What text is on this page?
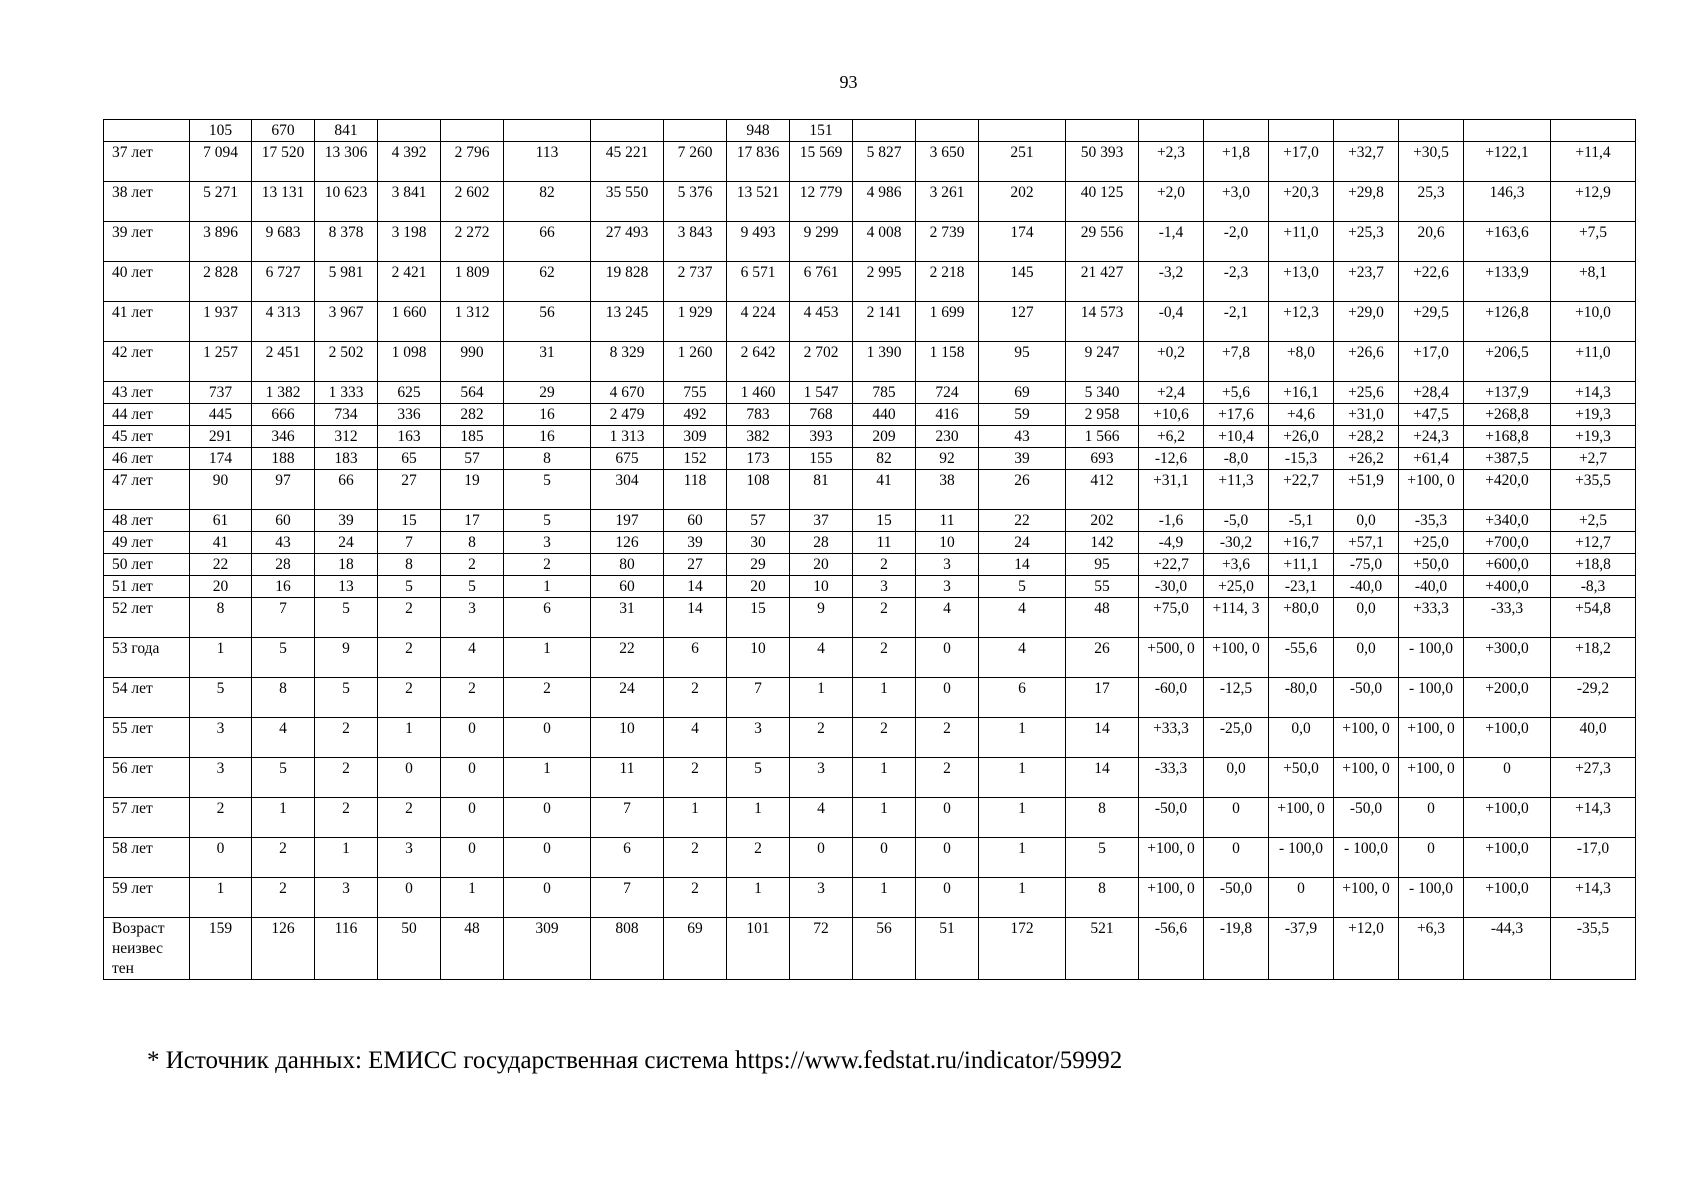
93
	105	670	841						948	151											
37 лет	7 094	17 520	13 306	4 392	2 796	113	45 221	7 260	17 836	15 569	5 827	3 650	251	50 393	+2,3	+1,8	+17,0	+32,7	+30,5	+122,1	+11,4
38 лет	5 271	13 131	10 623	3 841	2 602	82	35 550	5 376	13 521	12 779	4 986	3 261	202	40 125	+2,0	+3,0	+20,3	+29,8	25,3	146,3	+12,9
39 лет	3 896	9 683	8 378	3 198	2 272	66	27 493	3 843	9 493	9 299	4 008	2 739	174	29 556	-1,4	-2,0	+11,0	+25,3	20,6	+163,6	+7,5
40 лет	2 828	6 727	5 981	2 421	1 809	62	19 828	2 737	6 571	6 761	2 995	2 218	145	21 427	-3,2	-2,3	+13,0	+23,7	+22,6	+133,9	+8,1
41 лет	1 937	4 313	3 967	1 660	1 312	56	13 245	1 929	4 224	4 453	2 141	1 699	127	14 573	-0,4	-2,1	+12,3	+29,0	+29,5	+126,8	+10,0
42 лет	1 257	2 451	2 502	1 098	990	31	8 329	1 260	2 642	2 702	1 390	1 158	95	9 247	+0,2	+7,8	+8,0	+26,6	+17,0	+206,5	+11,0
43 лет	737	1 382	1 333	625	564	29	4 670	755	1 460	1 547	785	724	69	5 340	+2,4	+5,6	+16,1	+25,6	+28,4	+137,9	+14,3
44 лет	445	666	734	336	282	16	2 479	492	783	768	440	416	59	2 958	+10,6	+17,6	+4,6	+31,0	+47,5	+268,8	+19,3
45 лет	291	346	312	163	185	16	1 313	309	382	393	209	230	43	1 566	+6,2	+10,4	+26,0	+28,2	+24,3	+168,8	+19,3
46 лет	174	188	183	65	57	8	675	152	173	155	82	92	39	693	-12,6	-8,0	-15,3	+26,2	+61,4	+387,5	+2,7
47 лет	90	97	66	27	19	5	304	118	108	81	41	38	26	412	+31,1	+11,3	+22,7	+51,9	+100, 0	+420,0	+35,5
48 лет	61	60	39	15	17	5	197	60	57	37	15	11	22	202	-1,6	-5,0	-5,1	0,0	-35,3	+340,0	+2,5
49 лет	41	43	24	7	8	3	126	39	30	28	11	10	24	142	-4,9	-30,2	+16,7	+57,1	+25,0	+700,0	+12,7
50 лет	22	28	18	8	2	2	80	27	29	20	2	3	14	95	+22,7	+3,6	+11,1	-75,0	+50,0	+600,0	+18,8
51 лет	20	16	13	5	5	1	60	14	20	10	3	3	5	55	-30,0	+25,0	-23,1	-40,0	-40,0	+400,0	-8,3
52 лет	8	7	5	2	3	6	31	14	15	9	2	4	4	48	+75,0	+114, 3	+80,0	0,0	+33,3	-33,3	+54,8
53 года	1	5	9	2	4	1	22	6	10	4	2	0	4	26	+500, 0	+100, 0	-55,6	0,0	- 100,0	+300,0	+18,2
54 лет	5	8	5	2	2	2	24	2	7	1	1	0	6	17	-60,0	-12,5	-80,0	-50,0	- 100,0	+200,0	-29,2
55 лет	3	4	2	1	0	0	10	4	3	2	2	2	1	14	+33,3	-25,0	0,0	+100, 0	+100, 0	+100,0	40,0
56 лет	3	5	2	0	0	1	11	2	5	3	1	2	1	14	-33,3	0,0	+50,0	+100, 0	+100, 0	0	+27,3
57 лет	2	1	2	2	0	0	7	1	1	4	1	0	1	8	-50,0	0	+100, 0	-50,0	0	+100,0	+14,3
58 лет	0	2	1	3	0	0	6	2	2	0	0	0	1	5	+100, 0	0	- 100,0	- 100,0	0	+100,0	-17,0
59 лет	1	2	3	0	1	0	7	2	1	3	1	0	1	8	+100, 0	-50,0	0	+100, 0	- 100,0	+100,0	+14,3
Возраст неизвес тен	159	126	116	50	48	309	808	69	101	72	56	51	172	521	-56,6	-19,8	-37,9	+12,0	+6,3	-44,3	-35,5
* Источник данных: ЕМИСС государственная система https://www.fedstat.ru/indicator/59992
